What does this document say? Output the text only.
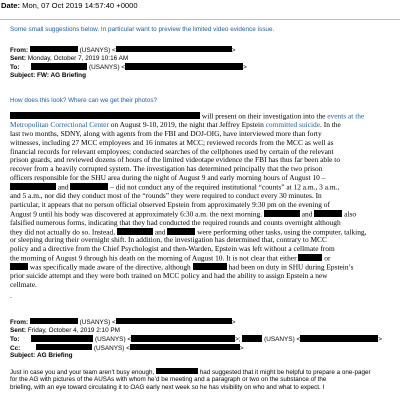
Date: Mon, 07 Oct 2019 14:57:40 +0000
Some small suggestions below. In particular want to preview the limited video evidence issue.
From:	(USANYS) <	>
Sent: Monday, October 7, 2019 10:16 AM
To:	(USANYS) <	>
Subject: FW: AG Briefing
How does this look? Where can we get their photos?
will present on their investigation into the events at the
Metropolitan Correctional Center on August 9-10, 2019, the night that Jeffrey Epstein committed suicide. In the
last two months, SDNY, along with agents from the FBI and DOJ-OIG, have interviewed more than forty
witnesses, including 27 MCC employees and 16 inmates at MCC; reviewed records from the MCC as well as
financial records for relevant employees; conducted searches of the cellphones used by certain of the relevant
prison guards, and reviewed dozens of hours of the limited videotape evidence the FBI has thus far been able to
recover from a heavily corrupted system. The investigation has determined principally that the two prison
officers responsible for the SHU area during the night of August 9 and early morning hours of August 10 –
and	– did not conduct any of the required institutional “counts” at 12 a.m., 3 a.m.,
and 5 a.m., nor did they conduct most of the “rounds” they were required to conduct every 30 minutes. In
particular, it appears that no person official observed Epstein from approximately 9:30 pm on the evening of
August 9 until his body was discovered at approximately 6:30 a.m. the next morning.	and	also
falsified numerous forms, indicating that they had conducted the required rounds and counts overnight although
they did not actually do so. Instead,	and	were performing other tasks, using the computer, talking,
or sleeping during their overnight shift. In addition, the investigation has determined that, contrary to MCC
policy and a directive from the Chief Psychologist and then-Warden, Epstein was left without a cellmate from
the morning of August 9 through his death on the morning of August 10. It is not clear that either	or
was specifically made aware of the directive, although	had been on duty in SHU during Epstein’s
prior suicide attempt and they were both trained on MCC policy and had the ability to assign Epstein a new
cellmate.
.
From:	(USANYS) <	>
Sent: Friday, October 4, 2019 2:10 PM
To:	(USANYS) <	>;	(USANYS) <	>
Cc:	(USANYS) <	>
Subject: AG Briefing
Just in case you and your team aren’t busy enough,	had suggested that it might be helpful to prepare a one-pager
for the AG with pictures of the AUSAs with whom he’d be meeting and a paragraph or two on the substance of the
briefing, with an eye toward circulating it to OAG early next week so he has visibility on who and what to expect. I
